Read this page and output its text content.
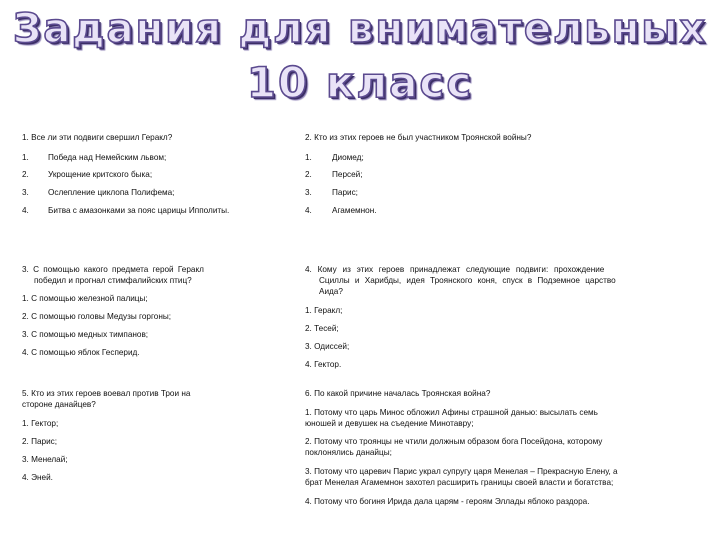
Задания для внимательных
10 класс
1. Все ли эти подвиги свершил Геракл?
1. Победа над Немейским львом;
2. Укрощение критского быка;
3. Ослепление циклопа Полифема;
4. Битва с амазонками за пояс царицы Ипполиты.
2. Кто из этих героев не был участником Троянской войны?
1. Диомед;
2. Персей;
3. Парис;
4. Агамемнон.
3. С помощью какого предмета герой Геракл
победил и прогнал стимфалийских птиц?
1. С помощью железной палицы;
2. С помощью головы Медузы горгоны;
3. С помощью медных тимпанов;
4. С помощью яблок Гесперид.
4. Кому из этих героев принадлежат следующие подвиги: прохождение
Сциллы и Харибды, идея Троянского коня, спуск в Подземное царство
Аида?
1. Геракл;
2. Тесей;
3. Одиссей;
4. Гектор.
5. Кто из этих героев воевал против Трои на
стороне данайцев?
1. Гектор;
2. Парис;
3. Менелай;
4. Эней.
6. По какой причине началась Троянская война?
1. Потому что царь Минос обложил Афины страшной данью: высылать семь
юношей и девушек на съедение Минотавру;
2. Потому что троянцы не чтили должным образом бога Посейдона, которому
поклонялись данайцы;
3. Потому что царевич Парис украл супругу царя Менелая – Прекрасную Елену, а
брат Менелая Агамемнон захотел расширить границы своей власти и богатства;
4. Потому что богиня Ирида дала царям - героям Эллады яблоко раздора.
